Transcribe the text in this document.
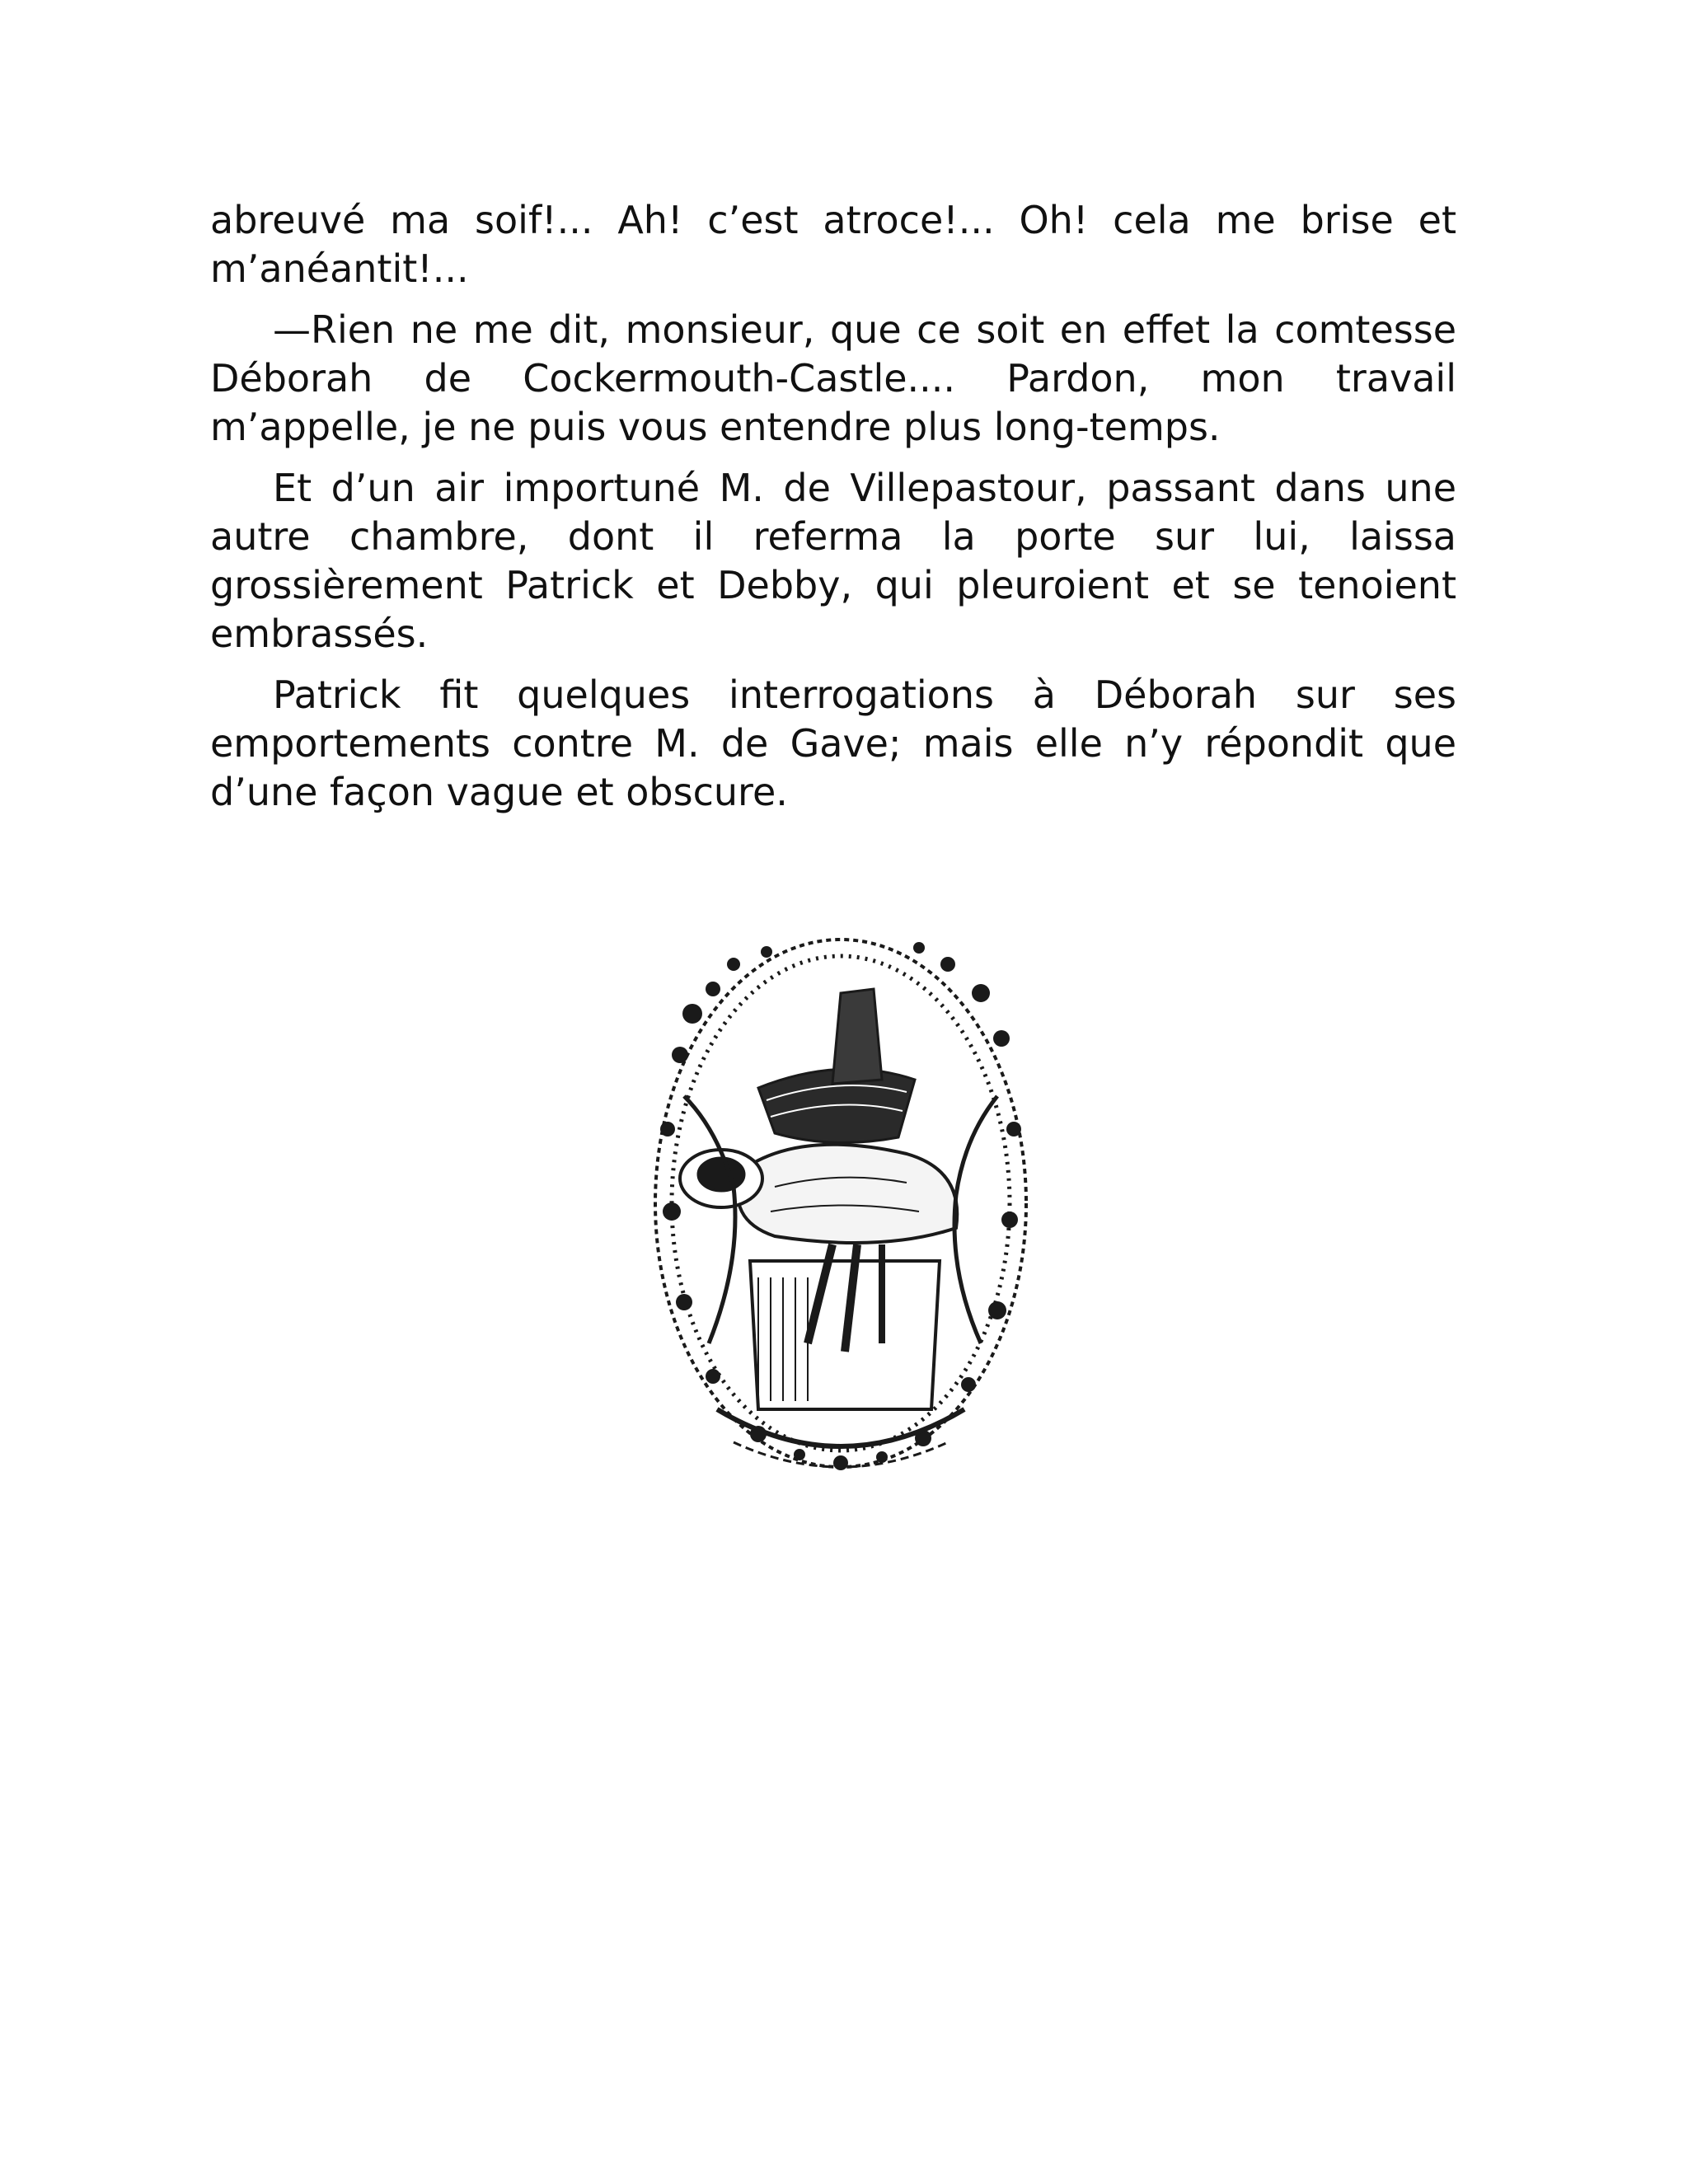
abreuvé ma soif!... Ah! c’est atroce!... Oh! cela me brise et m’anéantit!...

—Rien ne me dit, monsieur, que ce soit en effet la comtesse Déborah de Cockermouth-Castle.... Pardon, mon travail m’appelle, je ne puis vous entendre plus long-temps.

Et d’un air importuné M. de Villepastour, passant dans une autre chambre, dont il referma la porte sur lui, laissa grossièrement Patrick et Debby, qui pleuroient et se tenoient embrassés.

Patrick fit quelques interrogations à Déborah sur ses emportements contre M. de Gave; mais elle n’y répondit que d’une façon vague et obscure.
